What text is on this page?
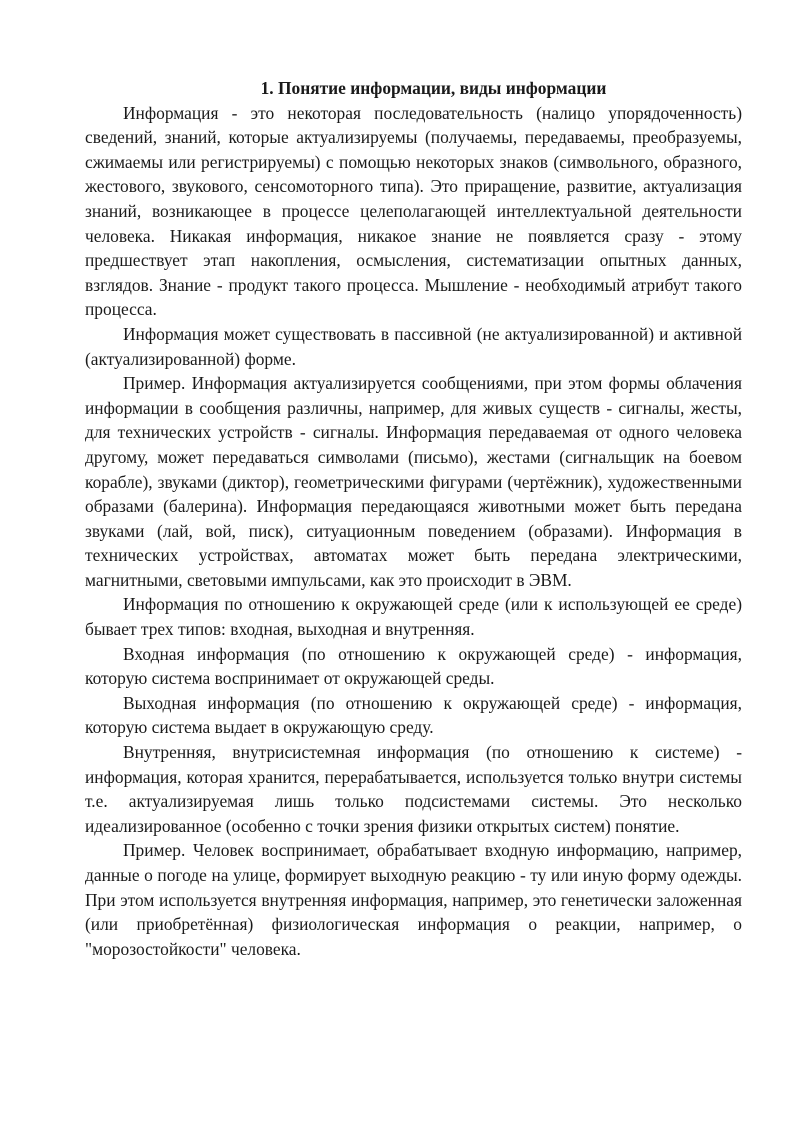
1. Понятие информации, виды информации

Информация - это некоторая последовательность (налицо упорядоченность) сведений, знаний, которые актуализируемы (получаемы, передаваемы, преобразуемы, сжимаемы или регистрируемы) с помощью некоторых знаков (символьного, образного, жестового, звукового, сенсомоторного типа). Это приращение, развитие, актуализация знаний, возникающее в процессе целеполагающей интеллектуальной деятельности человека. Никакая информация, никакое знание не появляется сразу - этому предшествует этап накопления, осмысления, систематизации опытных данных, взглядов. Знание - продукт такого процесса. Мышление - необходимый атрибут такого процесса.

Информация может существовать в пассивной (не актуализированной) и активной (актуализированной) форме.

Пример. Информация актуализируется сообщениями, при этом формы облачения информации в сообщения различны, например, для живых существ - сигналы, жесты, для технических устройств - сигналы. Информация передаваемая от одного человека другому, может передаваться символами (письмо), жестами (сигнальщик на боевом корабле), звуками (диктор), геометрическими фигурами (чертёжник), художественными образами (балерина). Информация передающаяся животными может быть передана звуками (лай, вой, писк), ситуационным поведением (образами). Информация в технических устройствах, автоматах может быть передана электрическими, магнитными, световыми импульсами, как это происходит в ЭВМ.

Информация по отношению к окружающей среде (или к использующей ее среде) бывает трех типов: входная, выходная и внутренняя.

Входная информация (по отношению к окружающей среде) - информация, которую система воспринимает от окружающей среды.

Выходная информация (по отношению к окружающей среде) - информация, которую система выдает в окружающую среду.

Внутренняя, внутрисистемная информация (по отношению к системе) - информация, которая хранится, перерабатывается, используется только внутри системы т.е. актуализируемая лишь только подсистемами системы. Это несколько идеализированное (особенно с точки зрения физики открытых систем) понятие.

Пример. Человек воспринимает, обрабатывает входную информацию, например, данные о погоде на улице, формирует выходную реакцию - ту или иную форму одежды. При этом используется внутренняя информация, например, это генетически заложенная (или приобретённая) физиологическая информация о реакции, например, о "морозостойкости" человека.
